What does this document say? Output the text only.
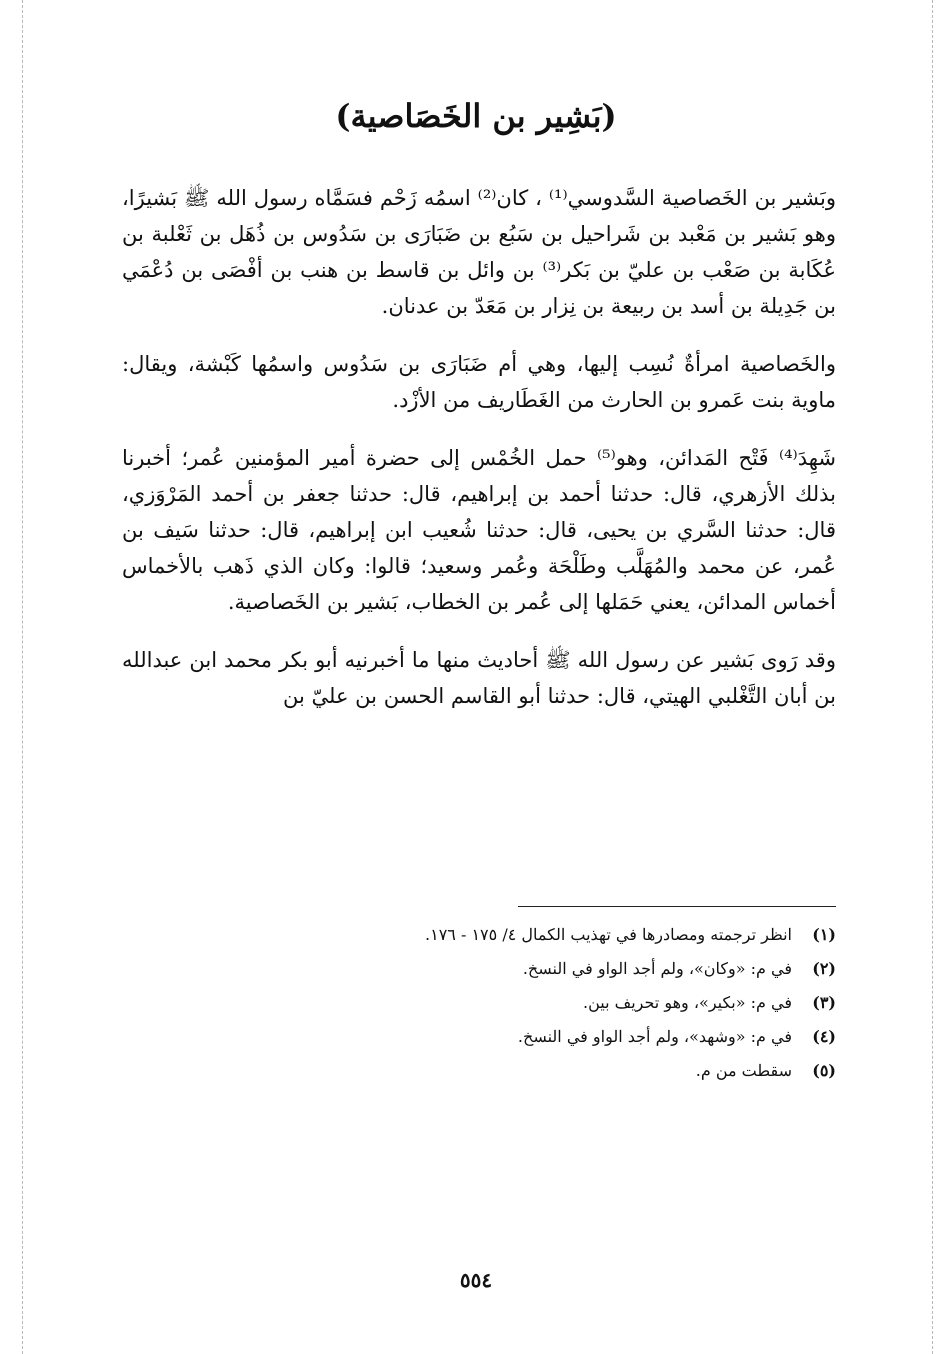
(بَشِير بن الخَصَاصية)

وبَشير بن الخَصاصية السَّدوسي⁽¹⁾ ، كان⁽²⁾ اسمُه زَحْم فسَمَّاه رسول الله ﷺ بَشيرًا، وهو بَشير بن مَعْبد بن شَراحيل بن سَبُع بن ضَبَارَى بن سَدُوس بن ذُهَل بن ثَعْلبة بن عُكَابة بن صَعْب بن عليّ بن بَكر⁽³⁾ بن وائل بن قاسط بن هنب بن أفْصَى بن دُعْمَي بن جَدِيلة بن أسد بن ربيعة بن نِزار بن مَعَدّ بن عدنان.

والخَصاصية امرأةٌ نُسِب إليها، وهي أم ضَبَارَى بن سَدُوس واسمُها كَبْشة، ويقال: ماوية بنت عَمرو بن الحارث من الغَطَاريف من الأزْد.

شَهِدَ⁽⁴⁾ فَتْح المَدائن، وهو⁽⁵⁾ حمل الخُمْس إلى حضرة أمير المؤمنين عُمر؛ أخبرنا بذلك الأزهري، قال: حدثنا أحمد بن إبراهيم، قال: حدثنا جعفر بن أحمد المَرْوَزي، قال: حدثنا السَّري بن يحيى، قال: حدثنا شُعيب ابن إبراهيم، قال: حدثنا سَيف بن عُمر، عن محمد والمُهَلَّب وطَلْحَة وعُمر وسعيد؛ قالوا: وكان الذي ذَهب بالأخماس أخماس المدائن، يعني حَمَلها إلى عُمر بن الخطاب، بَشير بن الخَصاصية.

وقد رَوى بَشير عن رسول الله ﷺ أحاديث منها ما أخبرنيه أبو بكر محمد ابن عبدالله بن أبان التَّغْلبي الهيتي، قال: حدثنا أبو القاسم الحسن بن عليّ بن

(١)
انظر ترجمته ومصادرها في تهذيب الكمال ٤/ ١٧٥ - ١٧٦.
(٢)
في م: «وكان»، ولم أجد الواو في النسخ.
(٣)
في م: «بكير»، وهو تحريف بين.
(٤)
في م: «وشهد»، ولم أجد الواو في النسخ.
(٥)
سقطت من م.
٥٥٤
